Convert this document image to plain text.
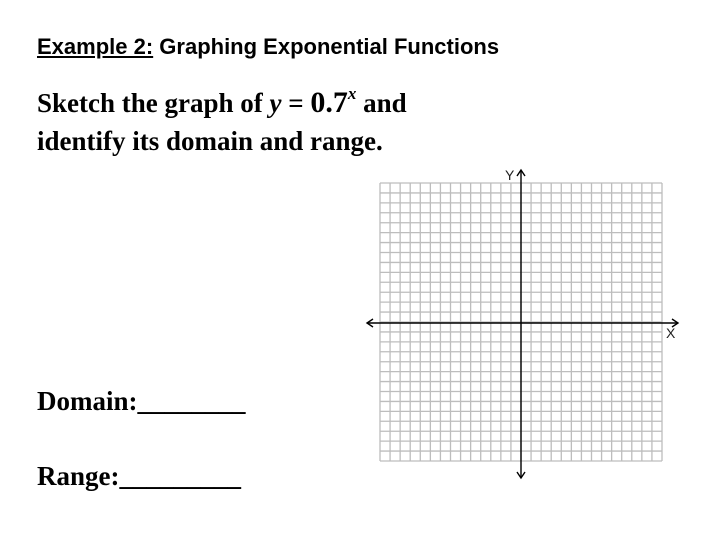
Example 2: Graphing Exponential Functions
Sketch the graph of $y = 0.7^x$ and
identify its domain and range.
Domain:________
Range:_________
Y
X
